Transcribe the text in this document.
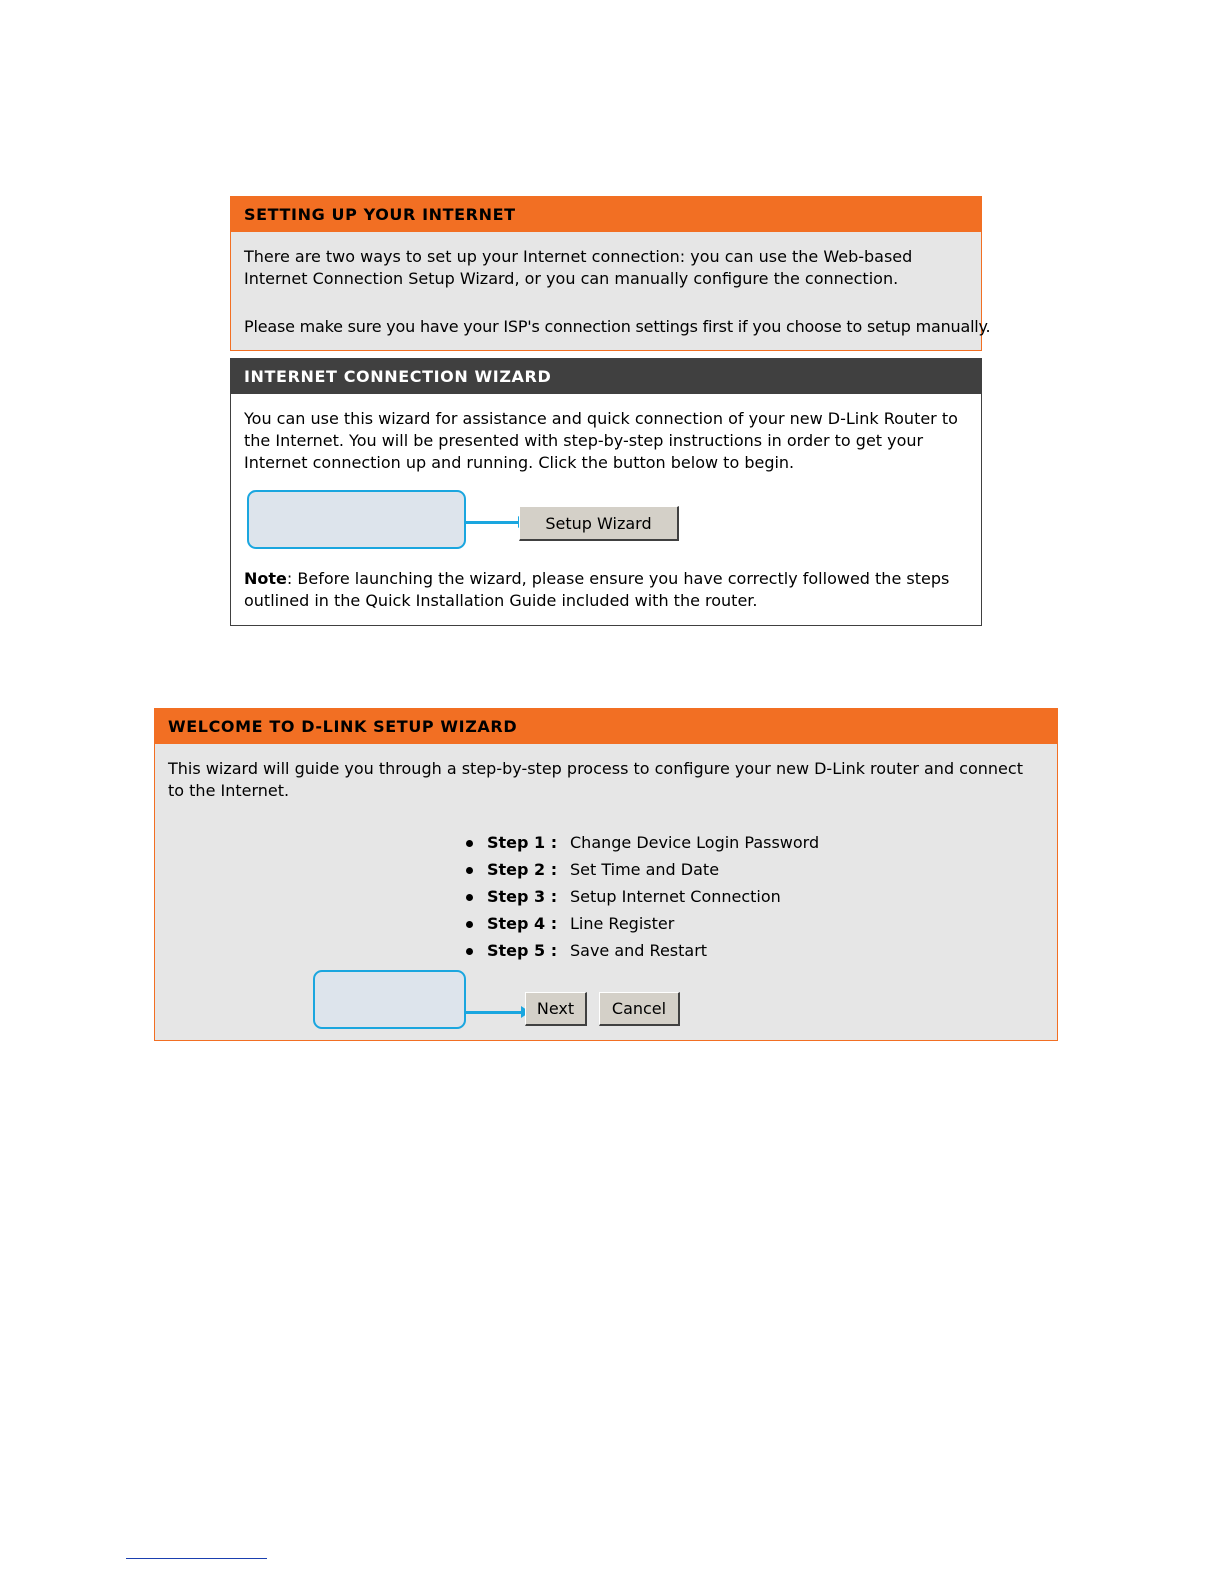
SETTING UP YOUR INTERNET

There are two ways to set up your Internet connection: you can use the Web-based Internet Connection Setup Wizard, or you can manually configure the connection.

Please make sure you have your ISP's connection settings first if you choose to setup manually.

INTERNET CONNECTION WIZARD

You can use this wizard for assistance and quick connection of your new D-Link Router to the Internet. You will be presented with step-by-step instructions in order to get your Internet connection up and running. Click the button below to begin.

Setup Wizard

Note: Before launching the wizard, please ensure you have correctly followed the steps outlined in the Quick Installation Guide included with the router.

WELCOME TO D-LINK SETUP WIZARD

This wizard will guide you through a step-by-step process to configure your new D-Link router and connect to the Internet.

Step 1 : Change Device Login Password
Step 2 : Set Time and Date
Step 3 : Setup Internet Connection
Step 4 : Line Register
Step 5 : Save and Restart
Next	Cancel
